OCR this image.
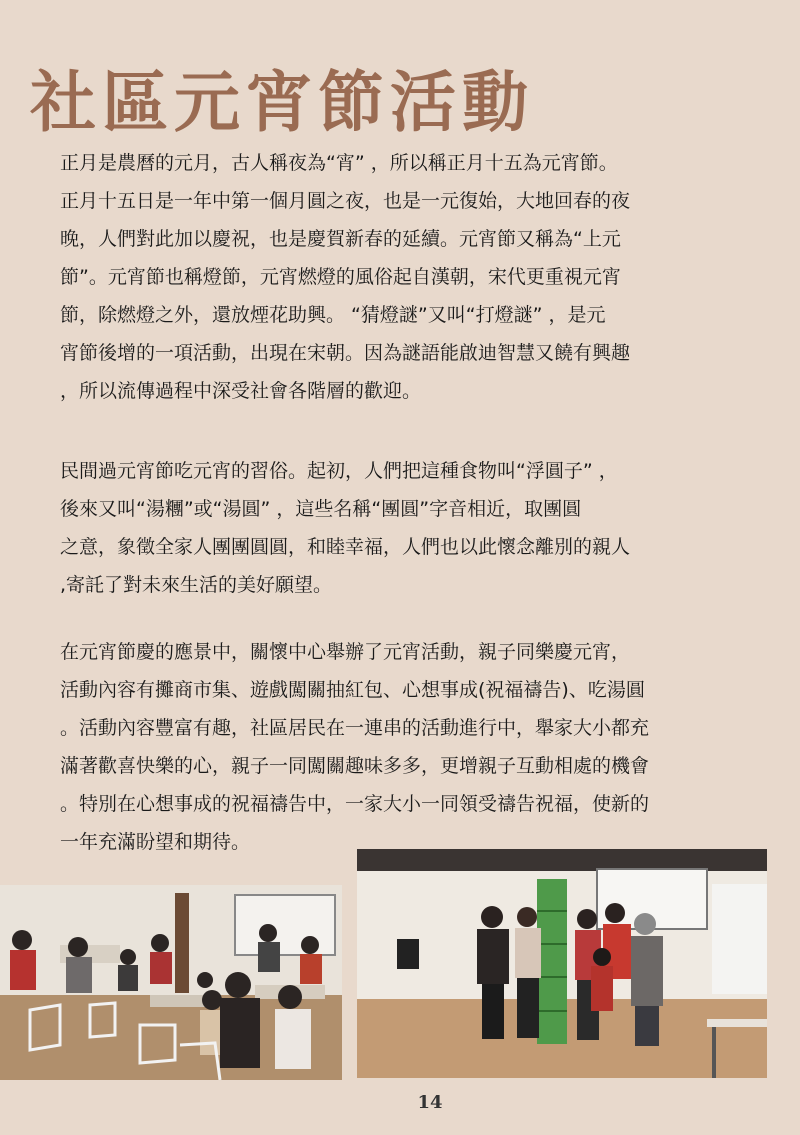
社區元宵節活動
正月是農曆的元月，古人稱夜為“宵” ，所以稱正月十五為元宵節。
正月十五日是一年中第一個月圓之夜，也是一元復始，大地回春的夜
晚，人們對此加以慶祝，也是慶賀新春的延續。元宵節又稱為“上元
節”。元宵節也稱燈節，元宵燃燈的風俗起自漢朝，宋代更重視元宵
節，除燃燈之外，還放煙花助興。 “猜燈謎”又叫“打燈謎” ，是元
宵節後增的一項活動，出現在宋朝。因為謎語能啟迪智慧又饒有興趣
，所以流傳過程中深受社會各階層的歡迎。
民間過元宵節吃元宵的習俗。起初，人們把這種食物叫“浮圓子” ，
後來又叫“湯糰”或“湯圓” ，這些名稱“團圓”字音相近，取團圓
之意，象徵全家人團團圓圓，和睦幸福，人們也以此懷念離別的親人
,寄託了對未來生活的美好願望。
在元宵節慶的應景中，關懷中心舉辦了元宵活動，親子同樂慶元宵，
活動內容有攤商市集、遊戲闖關抽紅包、心想事成(祝福禱告)、吃湯圓
。活動內容豐富有趣，社區居民在一連串的活動進行中，舉家大小都充
滿著歡喜快樂的心，親子一同闖關趣味多多，更增親子互動相處的機會
。特別在心想事成的祝福禱告中，一家大小一同領受禱告祝福，使新的
一年充滿盼望和期待。
14
